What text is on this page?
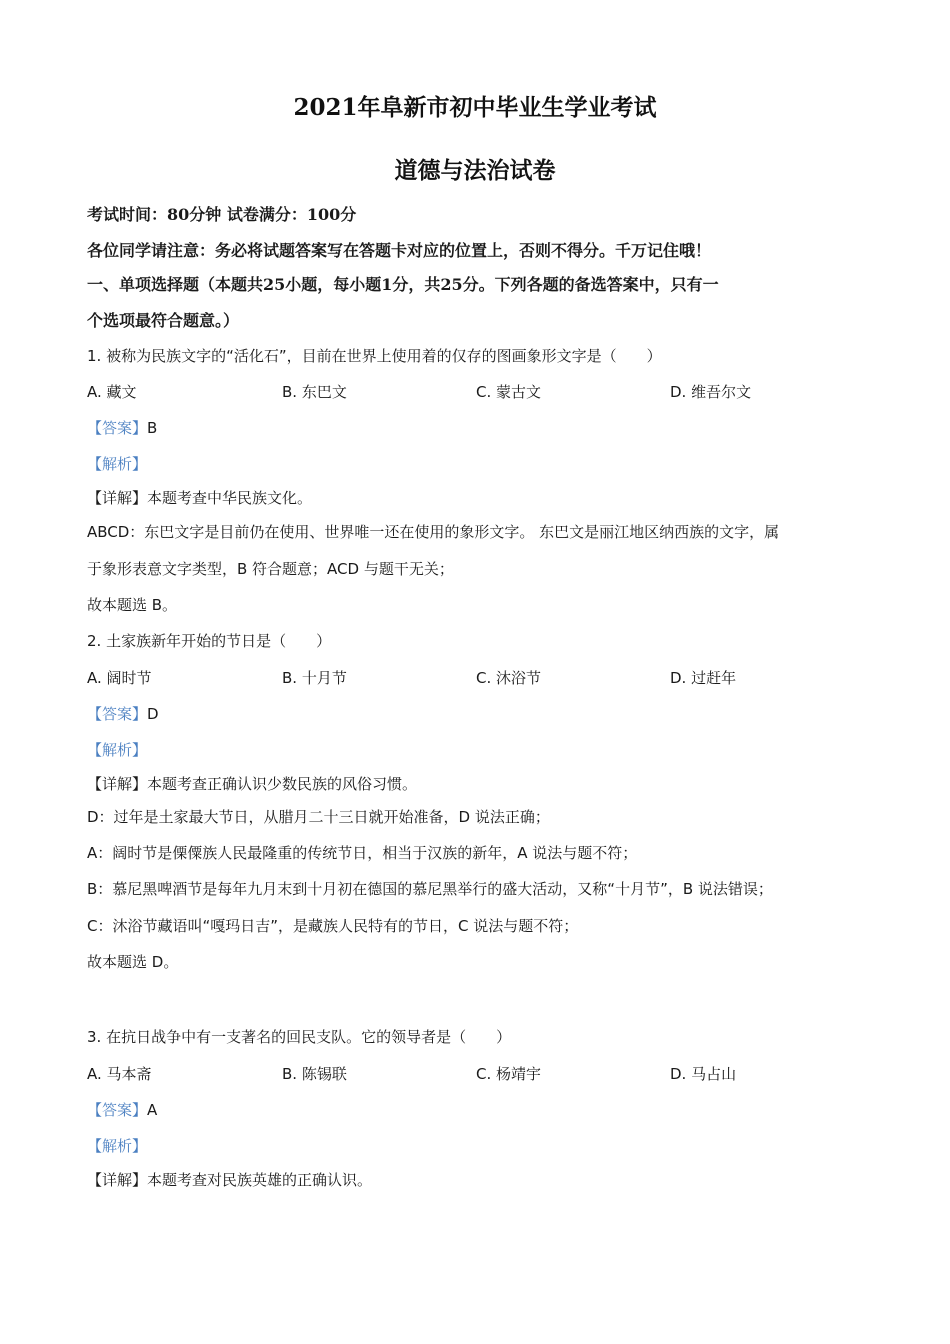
2021年阜新市初中毕业生学业考试
道德与法治试卷
考试时间：80分钟 试卷满分：100分
各位同学请注意：务必将试题答案写在答题卡对应的位置上，否则不得分。千万记住哦！
一、单项选择题（本题共25小题，每小题1分，共25分。下列各题的备选答案中，只有一
个选项最符合题意。）
1. 被称为民族文字的“活化石”，目前在世界上使用着的仅存的图画象形文字是（　　）
A. 藏文	B. 东巴文	C. 蒙古文	D. 维吾尔文
【答案】B
【解析】
【详解】本题考查中华民族文化。
ABCD：东巴文字是目前仍在使用、世界唯一还在使用的象形文字。 东巴文是丽江地区纳西族的文字，属
于象形表意文字类型，B 符合题意；ACD 与题干无关；
故本题选 B。
2. 土家族新年开始的节日是（　　）
A. 阔时节	B. 十月节	C. 沐浴节	D. 过赶年
【答案】D
【解析】
【详解】本题考查正确认识少数民族的风俗习惯。
D：过年是土家最大节日，从腊月二十三日就开始准备，D 说法正确；
A：阔时节是傈僳族人民最隆重的传统节日，相当于汉族的新年，A 说法与题不符；
B：慕尼黑啤酒节是每年九月末到十月初在德国的慕尼黑举行的盛大活动，又称“十月节”，B 说法错误；
C：沐浴节藏语叫“嘎玛日吉”，是藏族人民特有的节日，C 说法与题不符；
故本题选 D。
3. 在抗日战争中有一支著名的回民支队。它的领导者是（　　）
A. 马本斋	B. 陈锡联	C. 杨靖宇	D. 马占山
【答案】A
【解析】
【详解】本题考查对民族英雄的正确认识。
